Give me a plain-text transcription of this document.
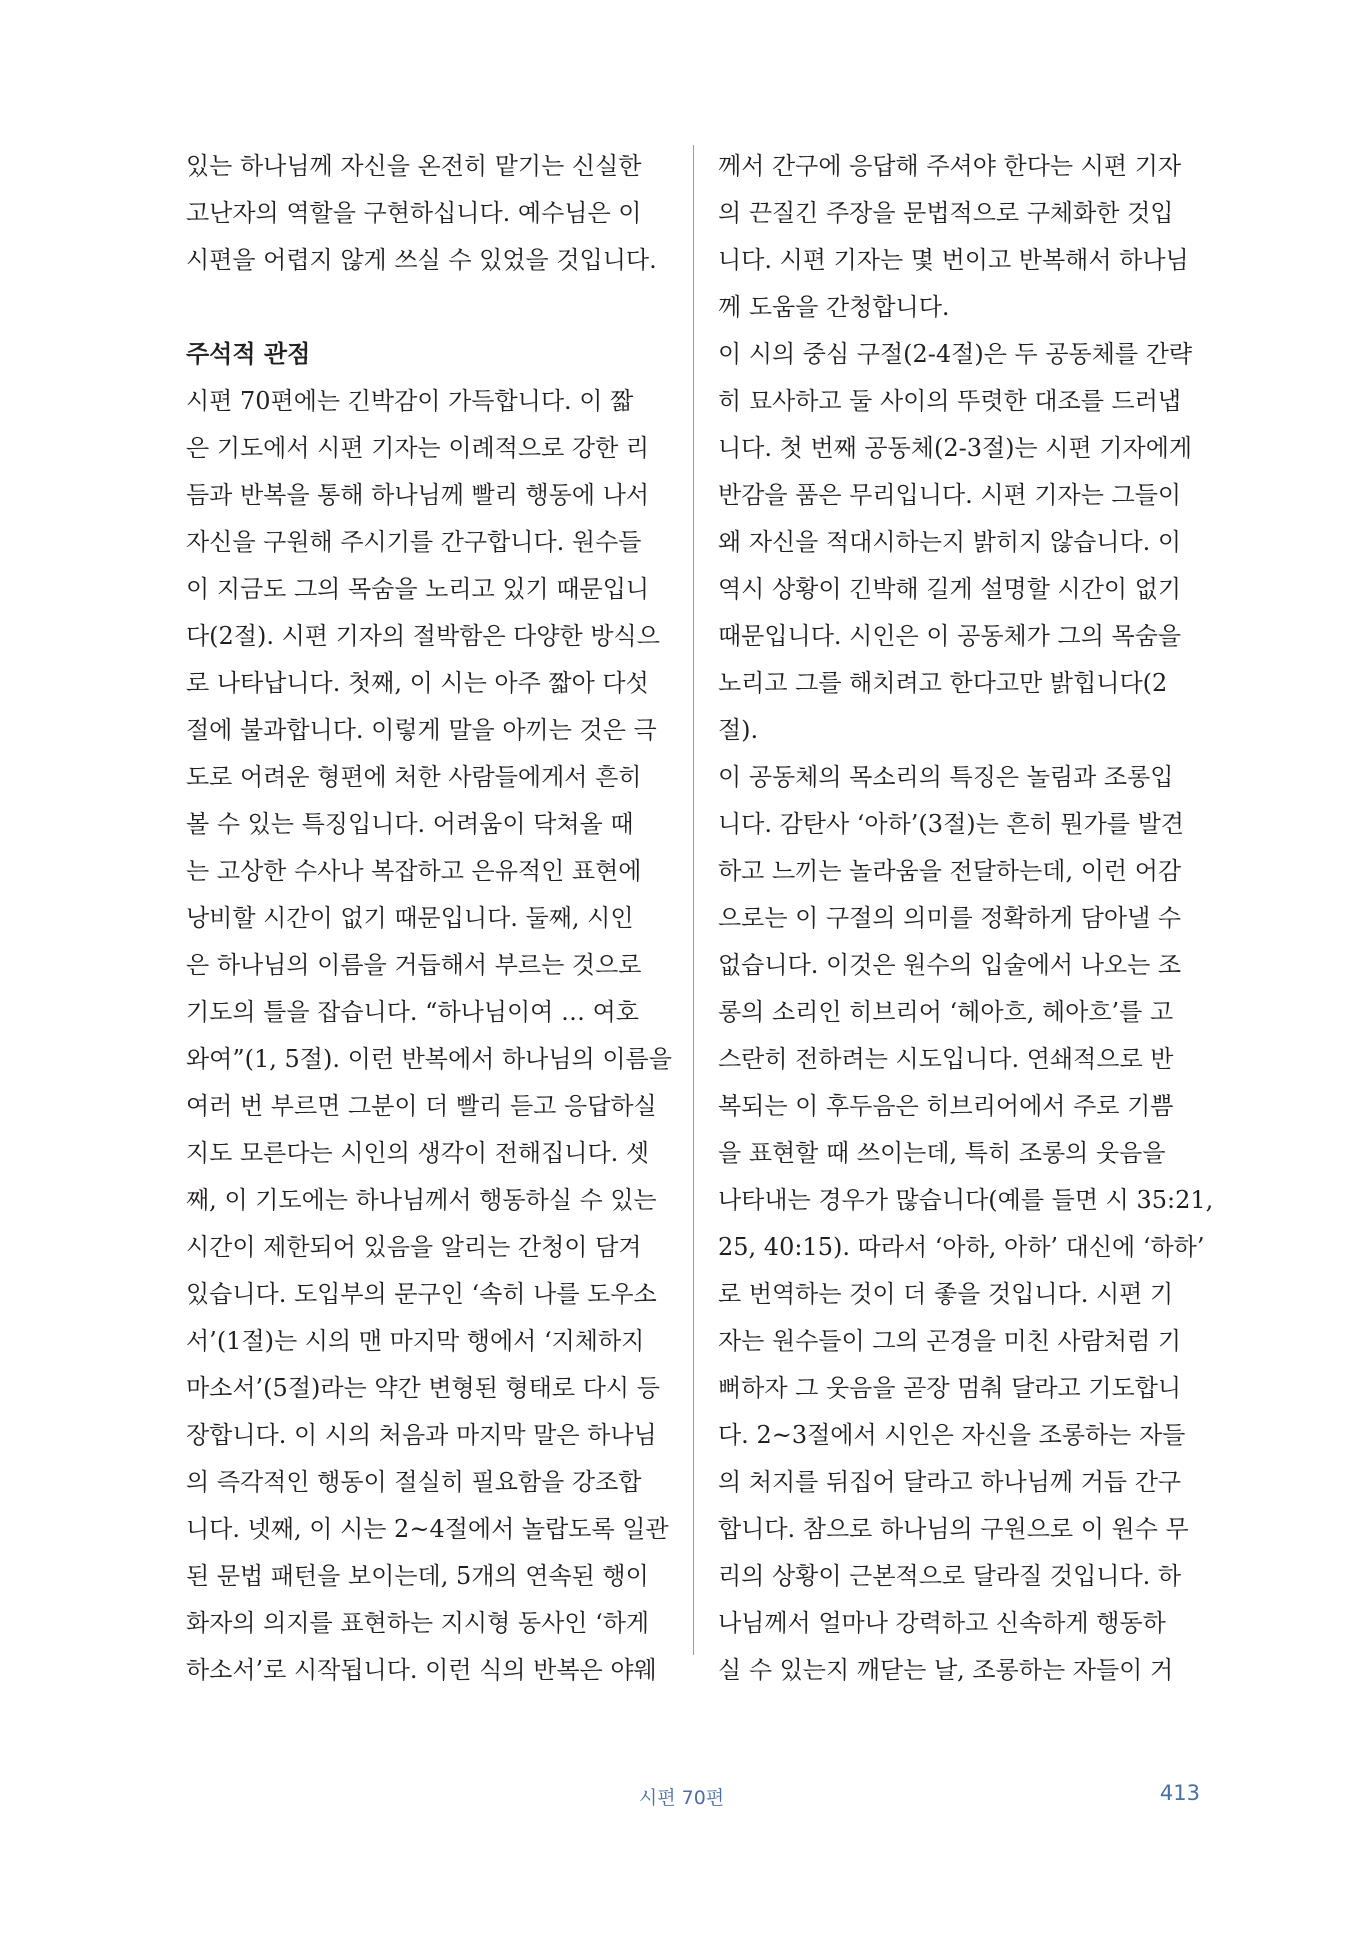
있는 하나님께 자신을 온전히 맡기는 신실한
고난자의 역할을 구현하십니다. 예수님은 이
시편을 어렵지 않게 쓰실 수 있었을 것입니다.
주석적 관점
시편 70편에는 긴박감이 가득합니다. 이 짧
은 기도에서 시편 기자는 이례적으로 강한 리
듬과 반복을 통해 하나님께 빨리 행동에 나서
자신을 구원해 주시기를 간구합니다. 원수들
이 지금도 그의 목숨을 노리고 있기 때문입니
다(2절). 시편 기자의 절박함은 다양한 방식으
로 나타납니다. 첫째, 이 시는 아주 짧아 다섯
절에 불과합니다. 이렇게 말을 아끼는 것은 극
도로 어려운 형편에 처한 사람들에게서 흔히
볼 수 있는 특징입니다. 어려움이 닥쳐올 때
는 고상한 수사나 복잡하고 은유적인 표현에
낭비할 시간이 없기 때문입니다. 둘째, 시인
은 하나님의 이름을 거듭해서 부르는 것으로
기도의 틀을 잡습니다. “하나님이여 … 여호
와여”(1, 5절). 이런 반복에서 하나님의 이름을
여러 번 부르면 그분이 더 빨리 듣고 응답하실
지도 모른다는 시인의 생각이 전해집니다. 셋
째, 이 기도에는 하나님께서 행동하실 수 있는
시간이 제한되어 있음을 알리는 간청이 담겨
있습니다. 도입부의 문구인 ‘속히 나를 도우소
서’(1절)는 시의 맨 마지막 행에서 ‘지체하지
마소서’(5절)라는 약간 변형된 형태로 다시 등
장합니다. 이 시의 처음과 마지막 말은 하나님
의 즉각적인 행동이 절실히 필요함을 강조합
니다. 넷째, 이 시는 2~4절에서 놀랍도록 일관
된 문법 패턴을 보이는데, 5개의 연속된 행이
화자의 의지를 표현하는 지시형 동사인 ‘하게
하소서’로 시작됩니다. 이런 식의 반복은 야웨
께서 간구에 응답해 주셔야 한다는 시편 기자
의 끈질긴 주장을 문법적으로 구체화한 것입
니다. 시편 기자는 몇 번이고 반복해서 하나님
께 도움을 간청합니다.
이 시의 중심 구절(2-4절)은 두 공동체를 간략
히 묘사하고 둘 사이의 뚜렷한 대조를 드러냅
니다. 첫 번째 공동체(2-3절)는 시편 기자에게
반감을 품은 무리입니다. 시편 기자는 그들이
왜 자신을 적대시하는지 밝히지 않습니다. 이
역시 상황이 긴박해 길게 설명할 시간이 없기
때문입니다. 시인은 이 공동체가 그의 목숨을
노리고 그를 해치려고 한다고만 밝힙니다(2
절).
이 공동체의 목소리의 특징은 놀림과 조롱입
니다. 감탄사 ‘아하’(3절)는 흔히 뭔가를 발견
하고 느끼는 놀라움을 전달하는데, 이런 어감
으로는 이 구절의 의미를 정확하게 담아낼 수
없습니다. 이것은 원수의 입술에서 나오는 조
롱의 소리인 히브리어 ‘헤아흐, 헤아흐’를 고
스란히 전하려는 시도입니다. 연쇄적으로 반
복되는 이 후두음은 히브리어에서 주로 기쁨
을 표현할 때 쓰이는데, 특히 조롱의 웃음을
나타내는 경우가 많습니다(예를 들면 시 35:21,
25, 40:15). 따라서 ‘아하, 아하’ 대신에 ‘하하’
로 번역하는 것이 더 좋을 것입니다. 시편 기
자는 원수들이 그의 곤경을 미친 사람처럼 기
뻐하자 그 웃음을 곧장 멈춰 달라고 기도합니
다. 2~3절에서 시인은 자신을 조롱하는 자들
의 처지를 뒤집어 달라고 하나님께 거듭 간구
합니다. 참으로 하나님의 구원으로 이 원수 무
리의 상황이 근본적으로 달라질 것입니다. 하
나님께서 얼마나 강력하고 신속하게 행동하
실 수 있는지 깨닫는 날, 조롱하는 자들이 거
시편 70편	413
